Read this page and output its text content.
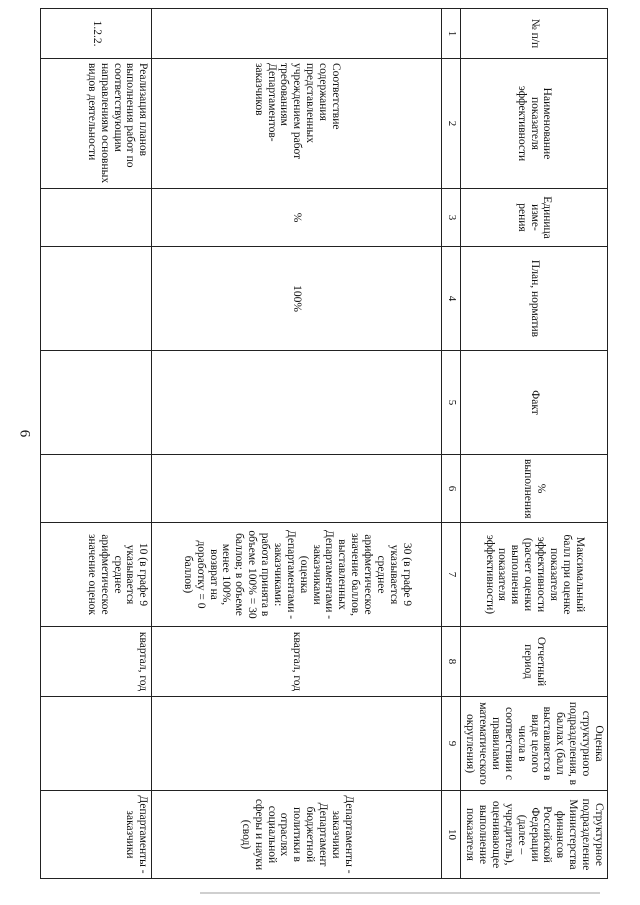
6
№ п/п	Наименование показателя эффективности	Единица изме-рения	План, норматив	Факт	% выполнения	Максимальный балл при оценке показателя эффективности (расчет оценки выполнения показателя эффективности)	Отчетный период	Оценка структурного подразделения, в баллах (балл выставляется в виде целого числа в соответствии с правилами математического округления)	Структурное подразделение Министерства финансов Российской Федерации (далее – учредитель), оценивающее выполнение показателя
1	2	3	4	5	6	7	8	9	10
	Соответствие содержания представленных учреждением работ требованиям Департаментов-заказчиков	%	100%			30 (в графе 9 указывается среднее арифметическое значение баллов, выставленных Департаментами - заказчиками (оценка Департаментами - заказчиками: работа принята в объеме 100% = 30 баллов; в объеме менее 100%, возврат на доработку = 0 баллов)	квартал, год		Департаменты - заказчики Департамент бюджетной политики в отраслях социальной сферы и науки (свод)
1.2.2.	Реализация планов выполнения работ по соответствующим направлениям основных видов деятельности					10 (в графе 9 указывается среднее арифметическое значение оценок	квартал, год		Департаменты - заказчики
